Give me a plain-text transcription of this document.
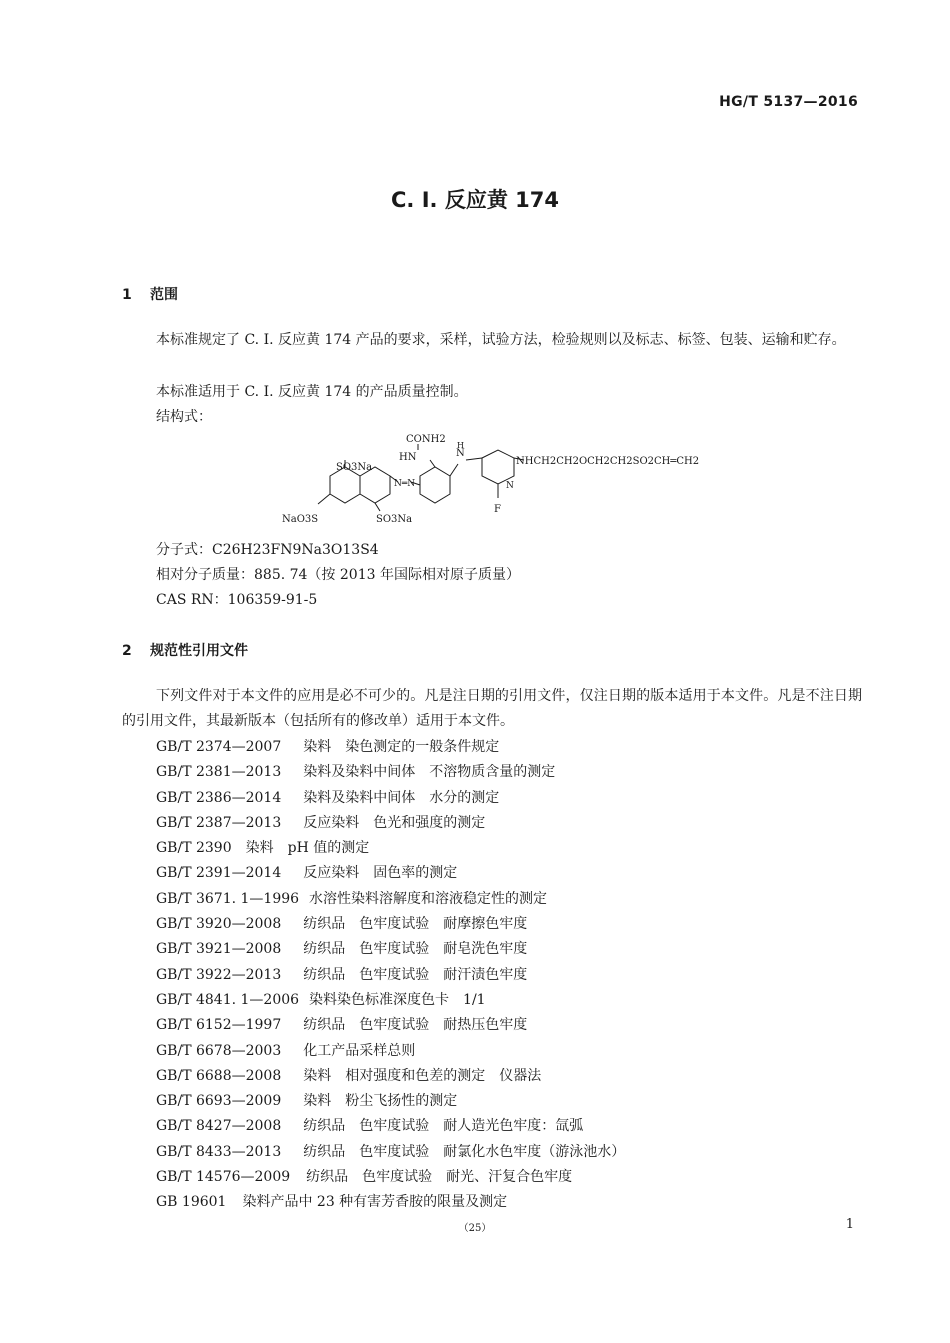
HG/T 5137—2016
C. I. 反应黄 174
1 范围
本标准规定了 C. I. 反应黄 174 产品的要求，采样，试验方法，检验规则以及标志、标签、包装、运输和贮存。
本标准适用于 C. I. 反应黄 174 的产品质量控制。
结构式：
CONH2
HN	N
H
N═N
SO3Na
NaO3S	SO3Na
F
N
NHCH2CH2OCH2CH2SO2CH═CH2
分子式：C26H23FN9Na3O13S4
相对分子质量：885. 74（按 2013 年国际相对原子质量）
CAS RN：106359-91-5
2 规范性引用文件
下列文件对于本文件的应用是必不可少的。凡是注日期的引用文件，仅注日期的版本适用于本文件。凡是不注日期的引用文件，其最新版本（包括所有的修改单）适用于本文件。
GB/T 2374—2007 染料　染色测定的一般条件规定
GB/T 2381—2013 染料及染料中间体　不溶物质含量的测定
GB/T 2386—2014 染料及染料中间体　水分的测定
GB/T 2387—2013 反应染料　色光和强度的测定
GB/T 2390 染料　pH 值的测定
GB/T 2391—2014 反应染料　固色率的测定
GB/T 3671. 1—1996 水溶性染料溶解度和溶液稳定性的测定
GB/T 3920—2008 纺织品　色牢度试验　耐摩擦色牢度
GB/T 3921—2008 纺织品　色牢度试验　耐皂洗色牢度
GB/T 3922—2013 纺织品　色牢度试验　耐汗渍色牢度
GB/T 4841. 1—2006 染料染色标准深度色卡　1/1
GB/T 6152—1997 纺织品　色牢度试验　耐热压色牢度
GB/T 6678—2003 化工产品采样总则
GB/T 6688—2008 染料　相对强度和色差的测定　仪器法
GB/T 6693—2009 染料　粉尘飞扬性的测定
GB/T 8427—2008 纺织品　色牢度试验　耐人造光色牢度：氙弧
GB/T 8433—2013 纺织品　色牢度试验　耐氯化水色牢度（游泳池水）
GB/T 14576—2009 纺织品　色牢度试验　耐光、汗复合色牢度
GB 19601 染料产品中 23 种有害芳香胺的限量及测定
（25）	1
